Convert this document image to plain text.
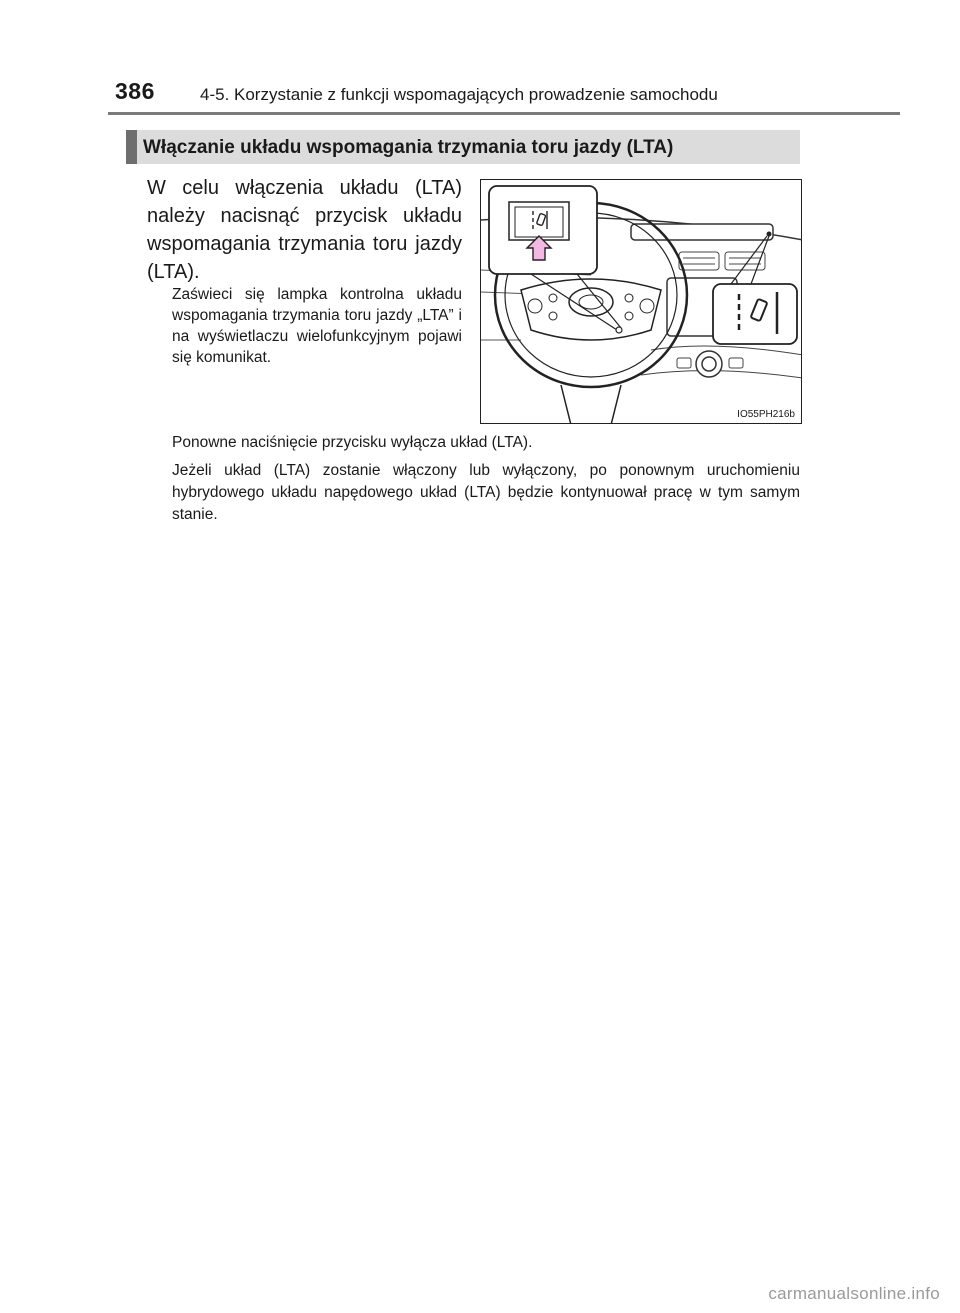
386	4-5. Korzystanie z funkcji wspomagających prowadzenie samochodu
Włączanie układu wspomagania trzymania toru jazdy (LTA)
W celu włączenia układu (LTA) należy nacisnąć przycisk układu wspomagania trzymania toru jazdy (LTA).
Zaświeci się lampka kontrolna układu wspomagania trzymania toru jazdy „LTA” i na wyświetlaczu wielofunkcyjnym pojawi się komunikat.
Ponowne naciśnięcie przycisku wyłącza układ (LTA).
Jeżeli układ (LTA) zostanie włączony lub wyłączony, po ponownym uruchomieniu hybrydowego układu napędowego układ (LTA) będzie kontynuował pracę w tym samym stanie.
IO55PH216b
carmanualsonline.info
